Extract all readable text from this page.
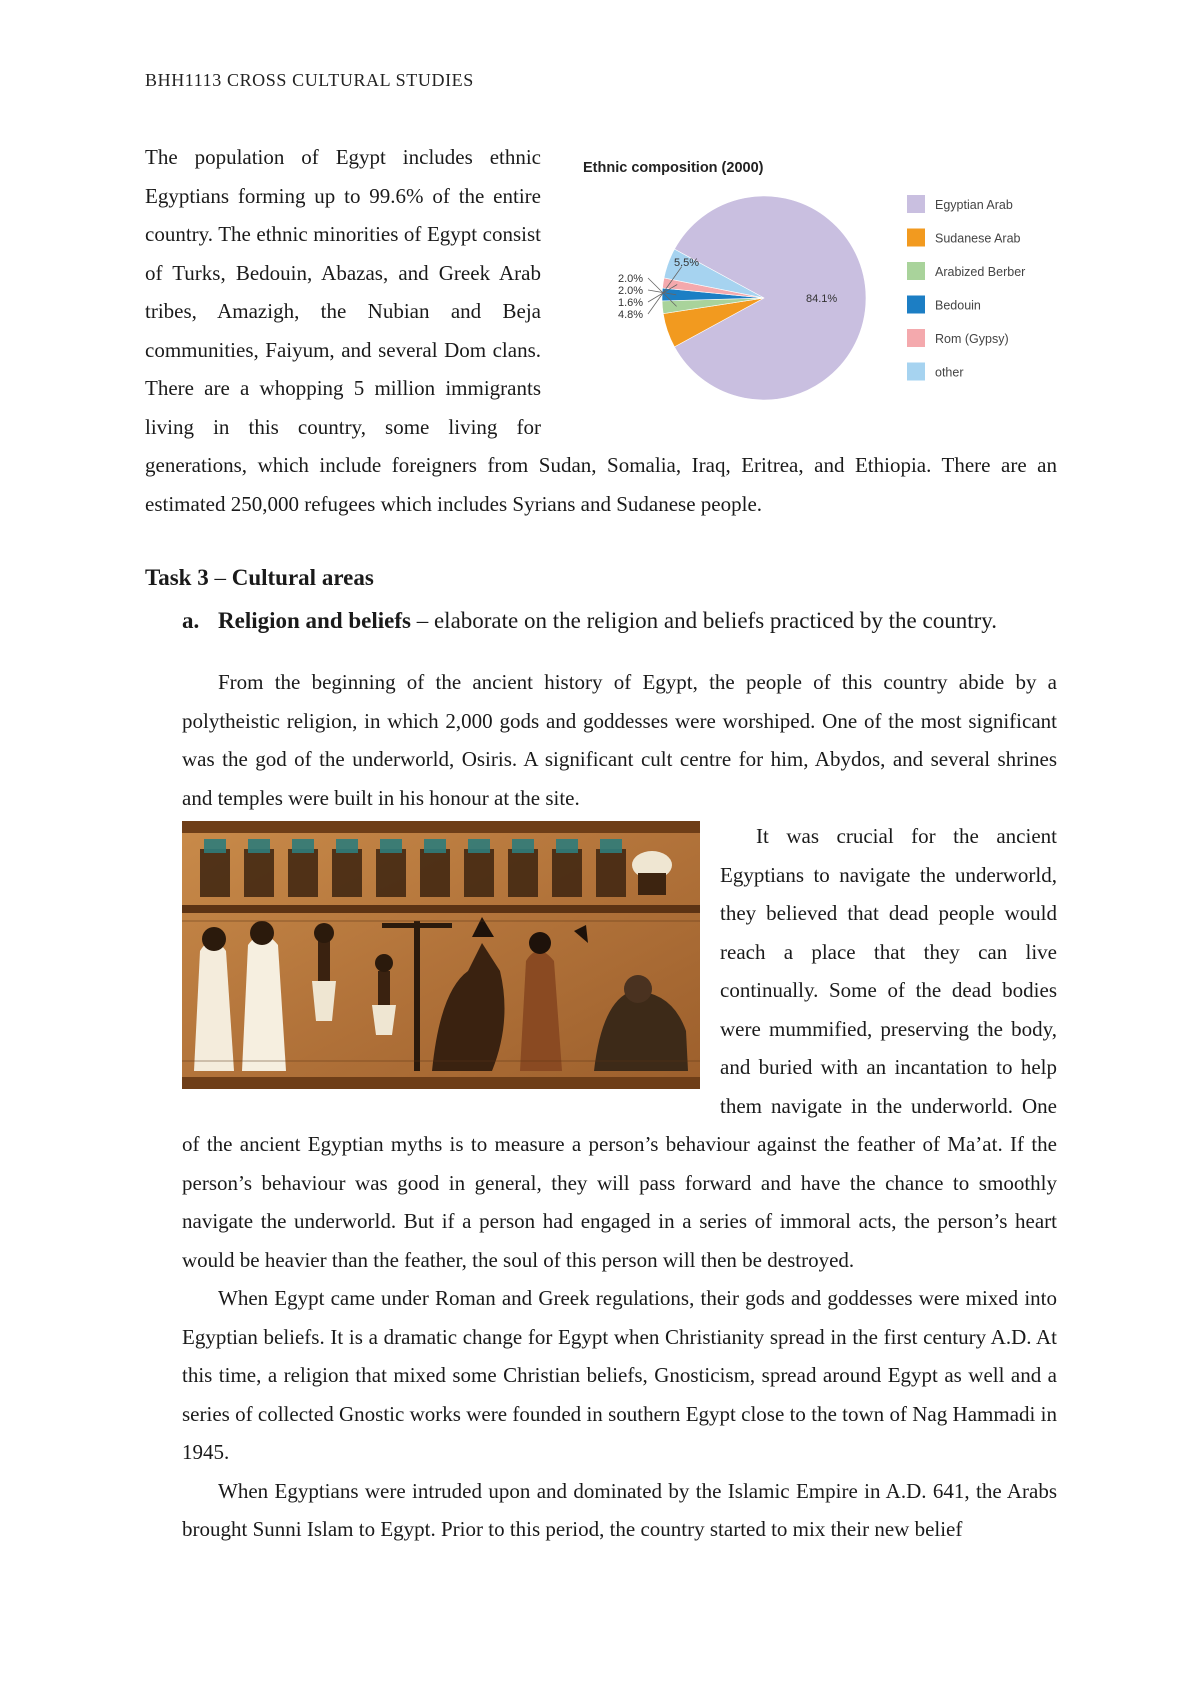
BHH1113 CROSS CULTURAL STUDIES
Ethnic composition (2000)
84.1%
5.5%
2.0%
2.0%
1.6%
4.8%
Egyptian Arab
Sudanese Arab
Arabized Berber
Bedouin
Rom (Gypsy)
other
The population of Egypt includes ethnic Egyptians forming up to 99.6% of the entire country. The ethnic minorities of Egypt consist of Turks, Bedouin, Abazas, and Greek Arab tribes, Amazigh, the Nubian and Beja communities, Faiyum, and several Dom clans. There are a whopping 5 million immigrants living in this country, some living for generations, which include foreigners from Sudan, Somalia, Iraq, Eritrea, and Ethiopia. There are an estimated 250,000 refugees which includes Syrians and Sudanese people.
Task 3 – Cultural areas
a. Religion and beliefs – elaborate on the religion and beliefs practiced by the country.

From the beginning of the ancient history of Egypt, the people of this country abide by a polytheistic religion, in which 2,000 gods and goddesses were worshiped. One of the most significant was the god of the underworld, Osiris. A significant cult centre for him, Abydos, and several shrines and temples were built in his honour at the site.

It was crucial for the ancient Egyptians to navigate the underworld, they believed that dead people would reach a place that they can live continually. Some of the dead bodies were mummified, preserving the body, and buried with an incantation to help them navigate in the underworld. One of the ancient Egyptian myths is to measure a person’s behaviour against the feather of Ma’at. If the person’s behaviour was good in general, they will pass forward and have the chance to smoothly navigate the underworld. But if a person had engaged in a series of immoral acts, the person’s heart would be heavier than the feather, the soul of this person will then be destroyed.

When Egypt came under Roman and Greek regulations, their gods and goddesses were mixed into Egyptian beliefs. It is a dramatic change for Egypt when Christianity spread in the first century A.D. At this time, a religion that mixed some Christian beliefs, Gnosticism, spread around Egypt as well and a series of collected Gnostic works were founded in southern Egypt close to the town of Nag Hammadi in 1945.

When Egyptians were intruded upon and dominated by the Islamic Empire in A.D. 641, the Arabs brought Sunni Islam to Egypt. Prior to this period, the country started to mix their new belief
